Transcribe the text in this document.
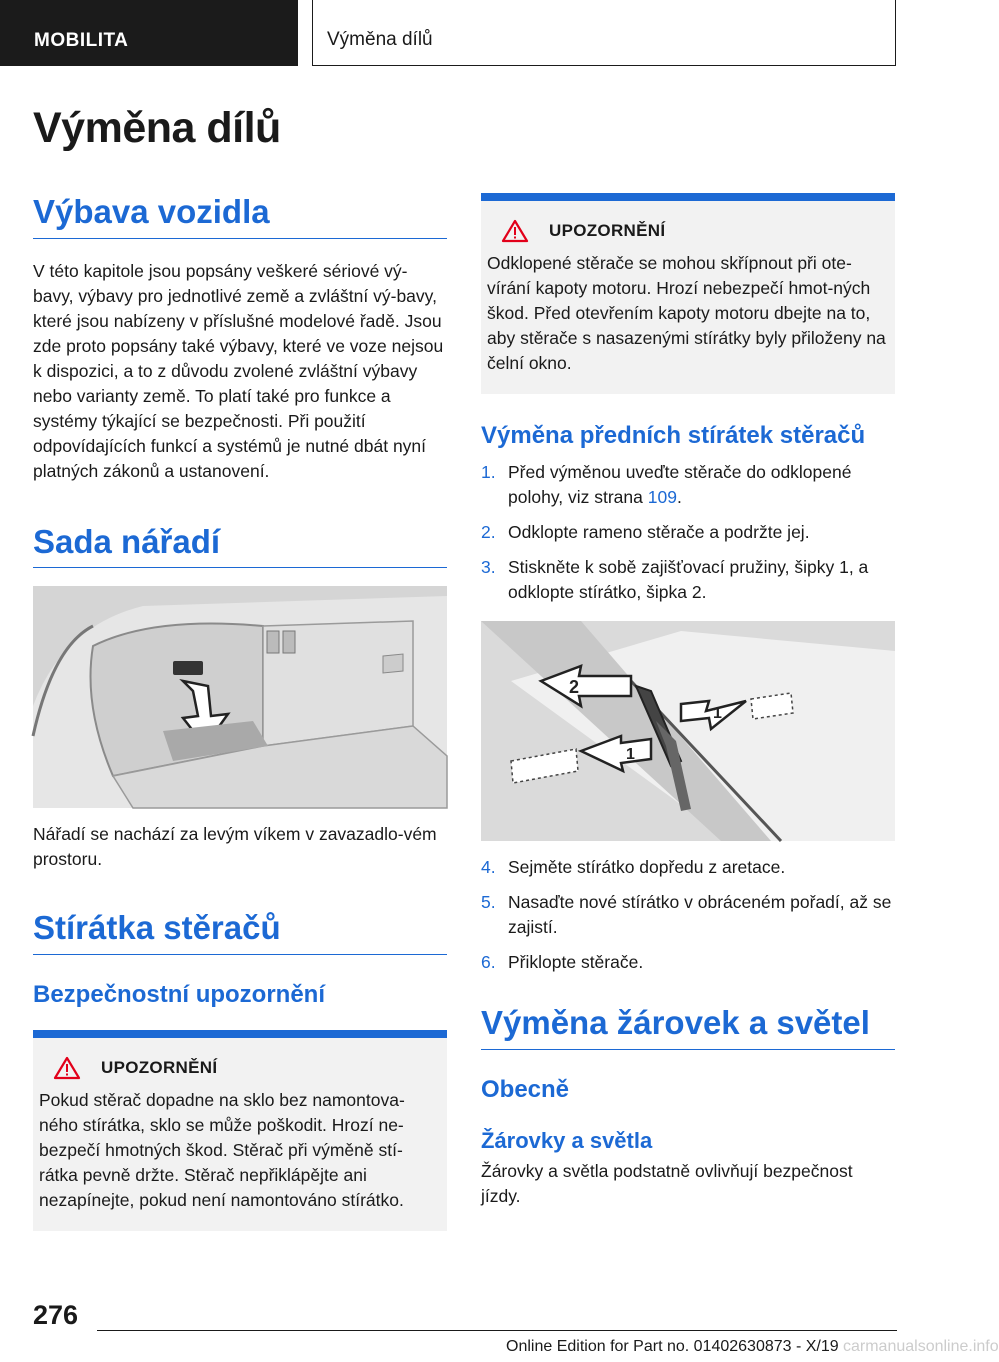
MOBILITA	Výměna dílů
Výměna dílů
Výbava vozidla
V této kapitole jsou popsány veškeré sériové vý-bavy, výbavy pro jednotlivé země a zvláštní vý-bavy, které jsou nabízeny v příslušné modelové řadě. Jsou zde proto popsány také výbavy, které ve voze nejsou k dispozici, a to z důvodu zvolené zvláštní výbavy nebo varianty země. To platí také pro funkce a systémy týkající se bezpečnosti. Při použití odpovídajících funkcí a systémů je nutné dbát nyní platných zákonů a ustanovení.
Sada nářadí
Nářadí se nachází za levým víkem v zavazadlo-vém prostoru.
Stírátka stěračů
Bezpečnostní upozornění
UPOZORNĚNÍ
Pokud stěrač dopadne na sklo bez namontova-ného stírátka, sklo se může poškodit. Hrozí ne-bezpečí hmotných škod. Stěrač při výměně stí-rátka pevně držte. Stěrač nepřiklápějte ani nezapínejte, pokud není namontováno stírátko.
UPOZORNĚNÍ
Odklopené stěrače se mohou skřípnout při ote-vírání kapoty motoru. Hrozí nebezpečí hmot-ných škod. Před otevřením kapoty motoru dbejte na to, aby stěrače s nasazenými stírátky byly přiloženy na čelní okno.
Výměna předních stírátek stěračů
1. Před výměnou uveďte stěrače do odklopené polohy, viz strana 109.
2. Odklopte rameno stěrače a podržte jej.
3. Stiskněte k sobě zajišťovací pružiny, šipky 1, a odklopte stírátko, šipka 2.
2
1
1
4. Sejměte stírátko dopředu z aretace.
5. Nasaďte nové stírátko v obráceném pořadí, až se zajistí.
6. Přiklopte stěrače.
Výměna žárovek a světel
Obecně
Žárovky a světla
Žárovky a světla podstatně ovlivňují bezpečnost jízdy.
276
Online Edition for Part no. 01402630873 - X/19 carmanualsonline.info
